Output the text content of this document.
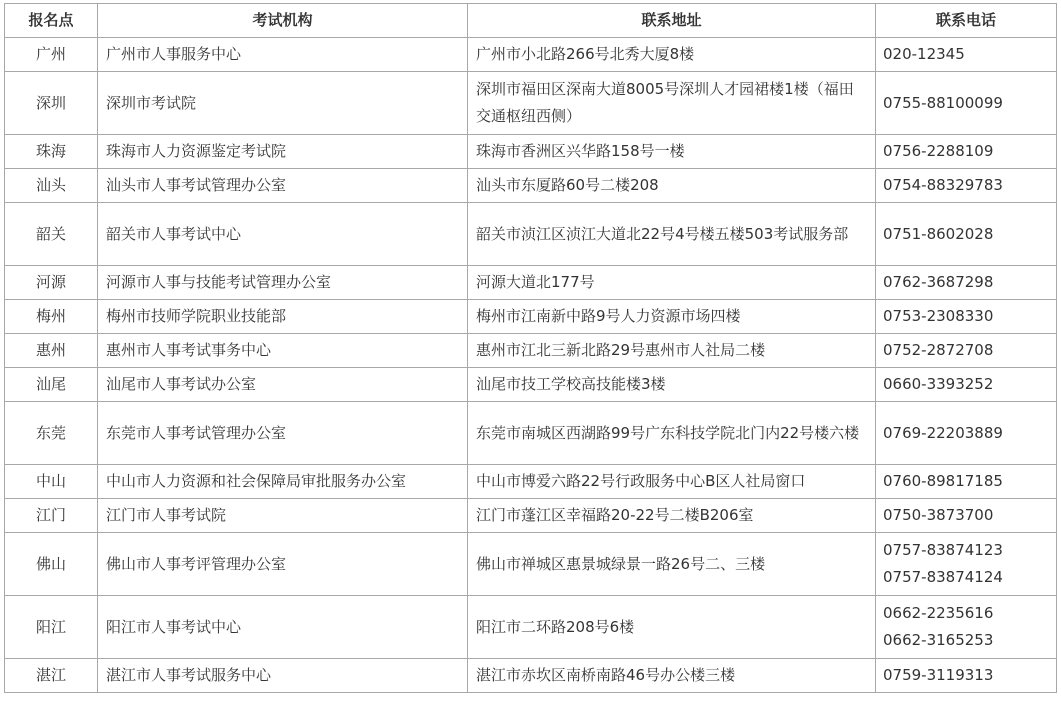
报名点	考试机构	联系地址	联系电话
广州	广州市人事服务中心	广州市小北路266号北秀大厦8楼	020-12345

深圳	深圳市考试院	深圳市福田区深南大道8005号深圳人才园裙楼1楼（福田交通枢纽西侧）	0755-88100099

珠海	珠海市人力资源鉴定考试院	珠海市香洲区兴华路158号一楼	0756-2288109

汕头	汕头市人事考试管理办公室	汕头市东厦路60号二楼208	0754-88329783

韶关	韶关市人事考试中心	韶关市浈江区浈江大道北22号4号楼五楼503考试服务部	0751-8602028

河源	河源市人事与技能考试管理办公室	河源大道北177号	0762-3687298

梅州	梅州市技师学院职业技能部	梅州市江南新中路9号人力资源市场四楼	0753-2308330

惠州	惠州市人事考试事务中心	惠州市江北三新北路29号惠州市人社局二楼	0752-2872708

汕尾	汕尾市人事考试办公室	汕尾市技工学校高技能楼3楼	0660-3393252

东莞	东莞市人事考试管理办公室	东莞市南城区西湖路99号广东科技学院北门内22号楼六楼	0769-22203889

中山	中山市人力资源和社会保障局审批服务办公室	中山市博爱六路22号行政服务中心B区人社局窗口	0760-89817185

江门	江门市人事考试院	江门市蓬江区幸福路20-22号二楼B206室	0750-3873700

佛山	佛山市人事考评管理办公室	佛山市禅城区惠景城绿景一路26号二、三楼	0757-83874123
0757-83874124

阳江	阳江市人事考试中心	阳江市二环路208号6楼	0662-2235616
0662-3165253

湛江	湛江市人事考试服务中心	湛江市赤坎区南桥南路46号办公楼三楼	0759-3119313
